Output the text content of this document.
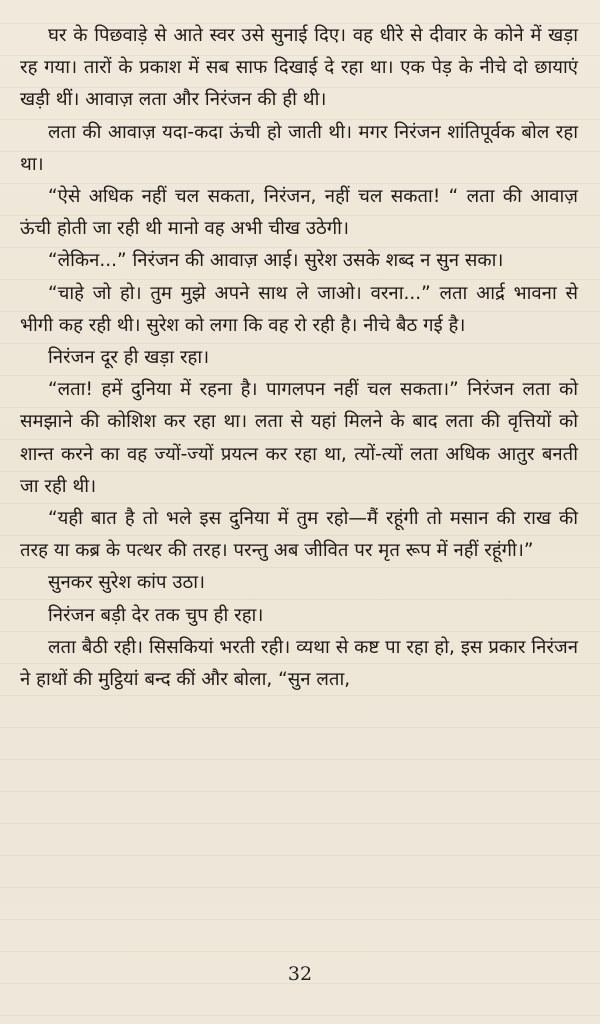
घर के पिछवाड़े से आते स्वर उसे सुनाई दिए। वह धीरे से दीवार के कोने में खड़ा रह गया। तारों के प्रकाश में सब साफ दिखाई दे रहा था। एक पेड़ के नीचे दो छायाएं खड़ी थीं। आवाज़ लता और निरंजन की ही थी।

लता की आवाज़ यदा-कदा ऊंची हो जाती थी। मगर निरंजन शांतिपूर्वक बोल रहा था।

“ऐसे अधिक नहीं चल सकता, निरंजन, नहीं चल सकता! “ लता की आवाज़ ऊंची होती जा रही थी मानो वह अभी चीख उठेगी।

“लेकिन...” निरंजन की आवाज़ आई। सुरेश उसके शब्द न सुन सका।

“चाहे जो हो। तुम मुझे अपने साथ ले जाओ। वरना...” लता आर्द्र भावना से भीगी कह रही थी। सुरेश को लगा कि वह रो रही है। नीचे बैठ गई है।

निरंजन दूर ही खड़ा रहा।

“लता! हमें दुनिया में रहना है। पागलपन नहीं चल सकता।” निरंजन लता को समझाने की कोशिश कर रहा था। लता से यहां मिलने के बाद लता की वृत्तियों को शान्त करने का वह ज्यों-ज्यों प्रयत्न कर रहा था, त्यों-त्यों लता अधिक आतुर बनती जा रही थी।

“यही बात है तो भले इस दुनिया में तुम रहो—मैं रहूंगी तो मसान की राख की तरह या कब्र के पत्थर की तरह। परन्तु अब जीवित पर मृत रूप में नहीं रहूंगी।”

सुनकर सुरेश कांप उठा।

निरंजन बड़ी देर तक चुप ही रहा।

लता बैठी रही। सिसकियां भरती रही। व्यथा से कष्ट पा रहा हो, इस प्रकार निरंजन ने हाथों की मुट्ठियां बन्द कीं और बोला, “सुन लता,

32
